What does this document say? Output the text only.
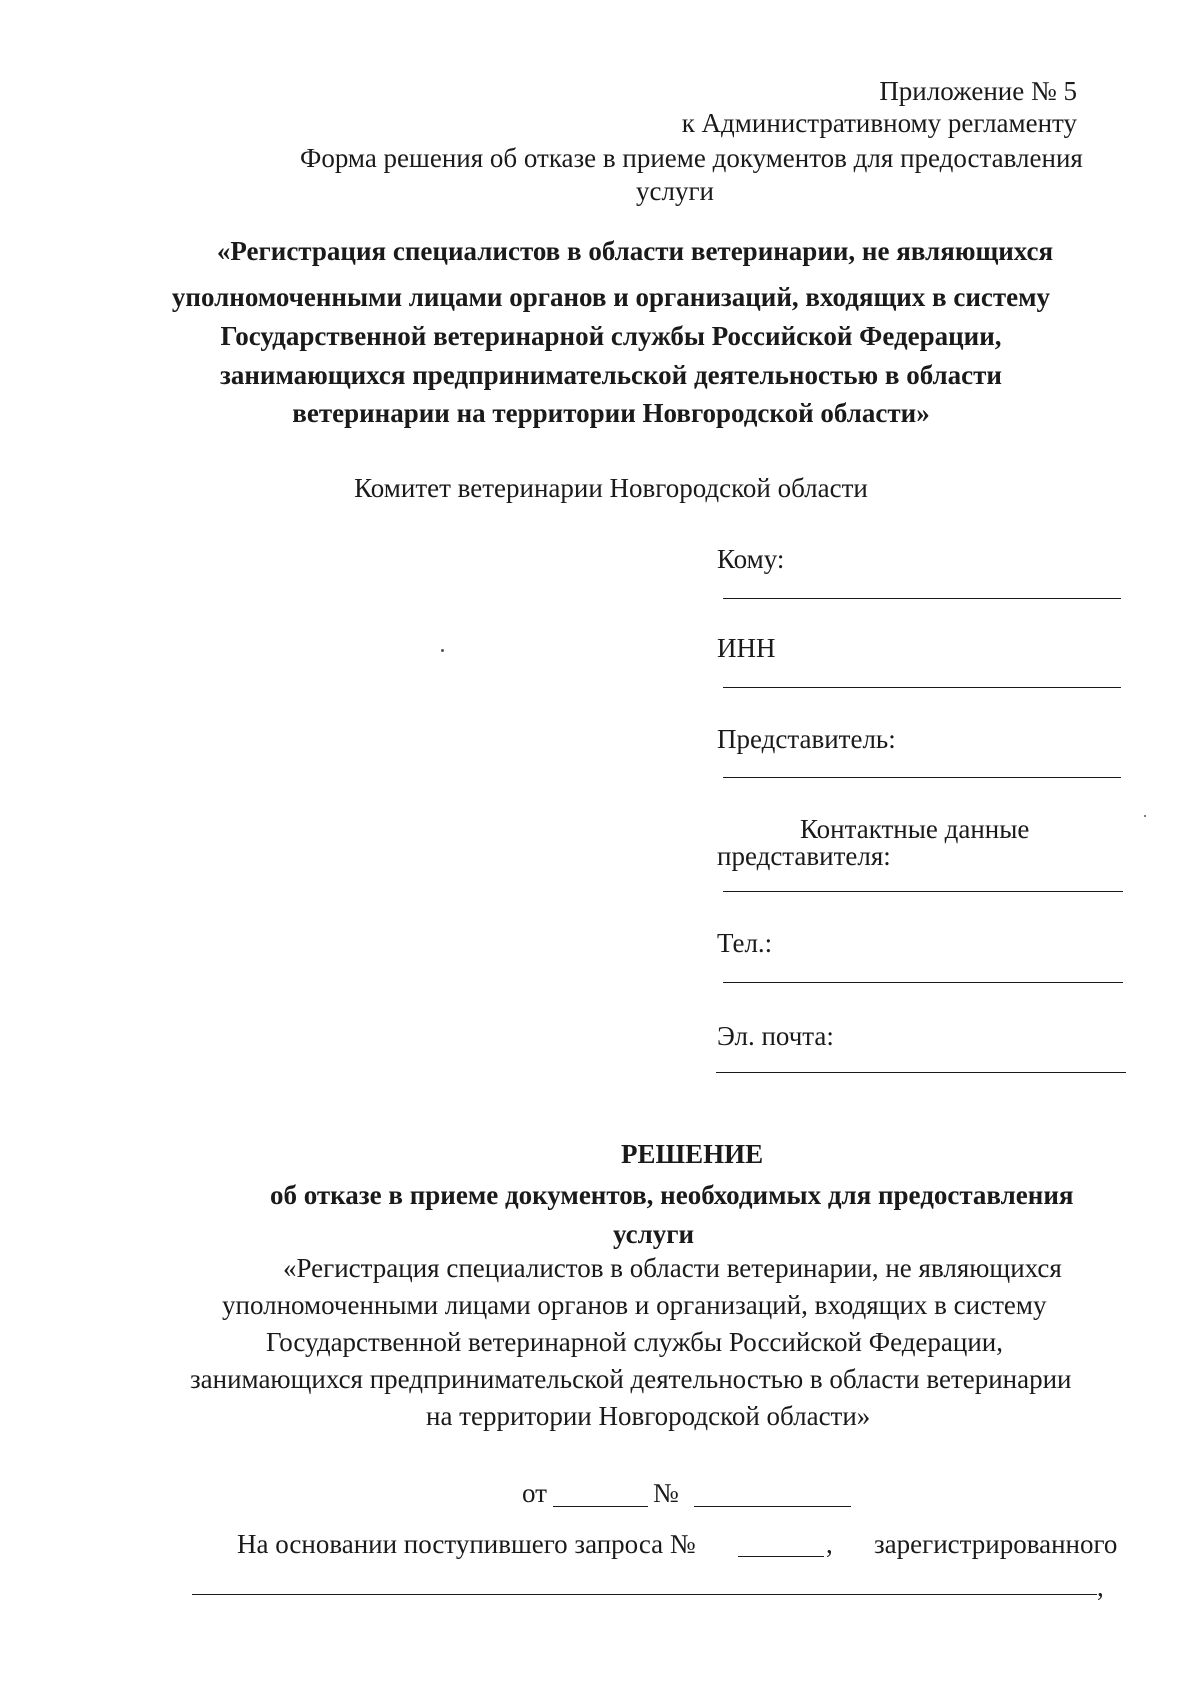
Приложение № 5
к Административному регламенту
Форма решения об отказе в приеме документов для предоставления
услуги
«Регистрация специалистов в области ветеринарии, не являющихся
уполномоченными лицами органов и организаций, входящих в систему
Государственной ветеринарной службы Российской Федерации,
занимающихся предпринимательской деятельностью в области
ветеринарии на территории Новгородской области»
Комитет ветеринарии Новгородской области
Кому:
ИНН
Представитель:
Контактные данные
представителя:
Тел.:
Эл. почта:
РЕШЕНИЕ
об отказе в приеме документов, необходимых для предоставления
услуги
«Регистрация специалистов в области ветеринарии, не являющихся
уполномоченными лицами органов и организаций, входящих в систему
Государственной ветеринарной службы Российской Федерации,
занимающихся предпринимательской деятельностью в области ветеринарии
на территории Новгородской области»
от	№
На основании поступившего запроса №	, зарегистрированного
,
